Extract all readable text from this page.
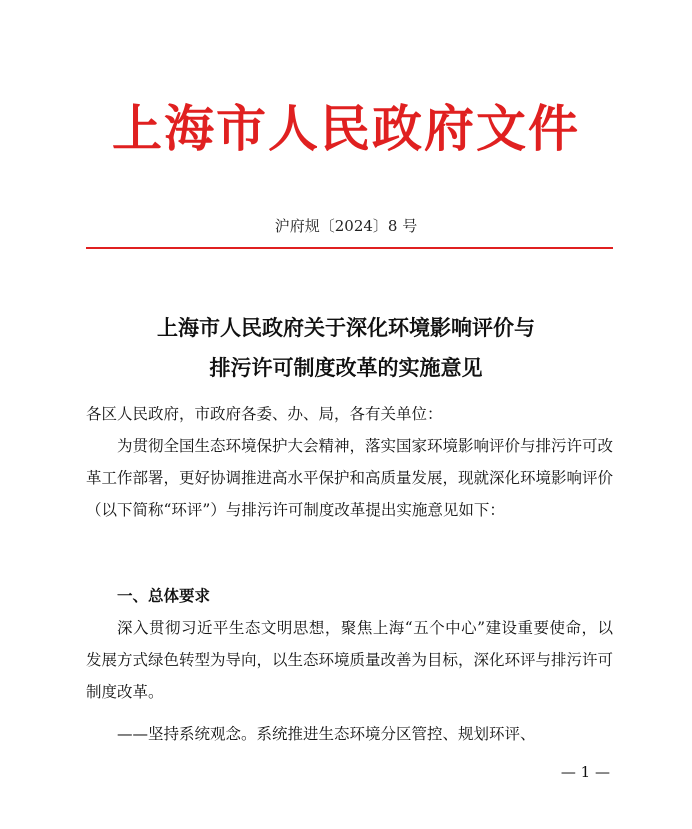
上海市人民政府文件
沪府规〔2024〕8 号
上海市人民政府关于深化环境影响评价与
排污许可制度改革的实施意见
各区人民政府，市政府各委、办、局，各有关单位：
为贯彻全国生态环境保护大会精神，落实国家环境影响评价与排污许可改革工作部署，更好协调推进高水平保护和高质量发展，现就深化环境影响评价（以下简称“环评”）与排污许可制度改革提出实施意见如下：
一、总体要求
深入贯彻习近平生态文明思想，聚焦上海“五个中心”建设重要使命，以发展方式绿色转型为导向，以生态环境质量改善为目标，深化环评与排污许可制度改革。
——坚持系统观念。系统推进生态环境分区管控、规划环评、
— 1 —
